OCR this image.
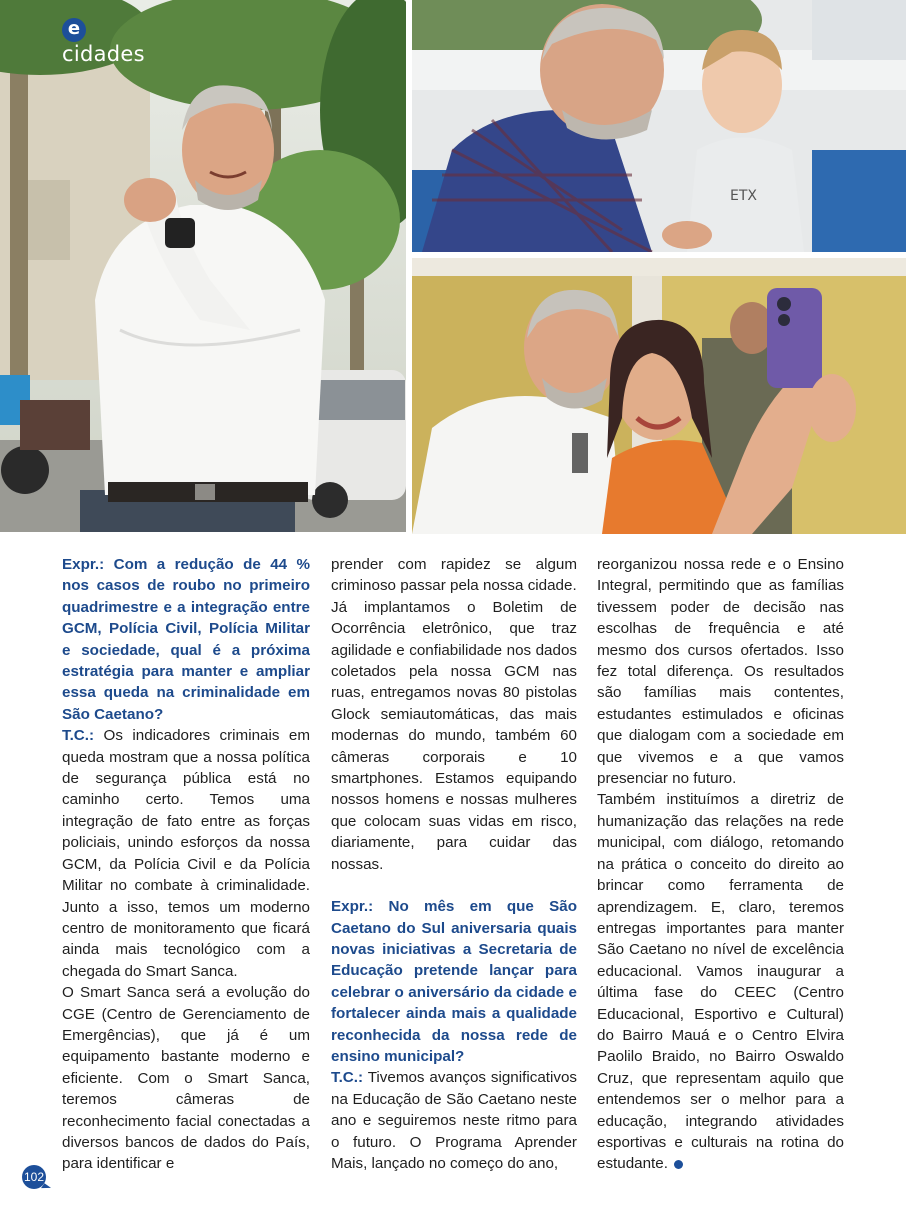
e
cidades
ETX

Expr.: Com a redução de 44 % nos casos de roubo no primeiro quadrimestre e a integração entre GCM, Polícia Civil, Polícia Militar e sociedade, qual é a próxima estratégia para manter e ampliar essa queda na criminalidade em São Caetano?

T.C.: Os indicadores criminais em queda mostram que a nossa política de segurança pública está no caminho certo. Temos uma integração de fato entre as forças policiais, unindo esforços da nossa GCM, da Polícia Civil e da Polícia Militar no combate à criminalidade. Junto a isso, temos um moderno centro de monitoramento que ficará ainda mais tecnológico com a chegada do Smart Sanca.

O Smart Sanca será a evolução do CGE (Centro de Gerenciamento de Emergências), que já é um equipamento bastante moderno e eficiente. Com o Smart Sanca, teremos câmeras de reconhecimento facial conectadas a diversos bancos de dados do País, para identificar e

prender com rapidez se algum criminoso passar pela nossa cidade.

Já implantamos o Boletim de Ocorrência eletrônico, que traz agilidade e confiabilidade nos dados coletados pela nossa GCM nas ruas, entregamos novas 80 pistolas Glock semiautomáticas, das mais modernas do mundo, também 60 câmeras corporais e 10 smartphones. Estamos equipando nossos homens e nossas mulheres que colocam suas vidas em risco, diariamente, para cuidar das nossas.

Expr.: No mês em que São Caetano do Sul aniversaria quais novas iniciativas a Secretaria de Educação pretende lançar para celebrar o aniversário da cidade e fortalecer ainda mais a qualidade reconhecida da nossa rede de ensino municipal?

T.C.: Tivemos avanços significativos na Educação de São Caetano neste ano e seguiremos neste ritmo para o futuro. O Programa Aprender Mais, lançado no começo do ano,

reorganizou nossa rede e o Ensino Integral, permitindo que as famílias tivessem poder de decisão nas escolhas de frequência e até mesmo dos cursos ofertados. Isso fez total diferença. Os resultados são famílias mais contentes, estudantes estimulados e oficinas que dialogam com a sociedade em que vivemos e a que vamos presenciar no futuro.

Também instituímos a diretriz de humanização das relações na rede municipal, com diálogo, retomando na prática o conceito do direito ao brincar como ferramenta de aprendizagem. E, claro, teremos entregas importantes para manter São Caetano no nível de excelência educacional. Vamos inaugurar a última fase do CEEC (Centro Educacional, Esportivo e Cultural) do Bairro Mauá e o Centro Elvira Paolilo Braido, no Bairro Oswaldo Cruz, que representam aquilo que entendemos ser o melhor para a educação, integrando atividades esportivas e culturais na rotina do estudante.

102
